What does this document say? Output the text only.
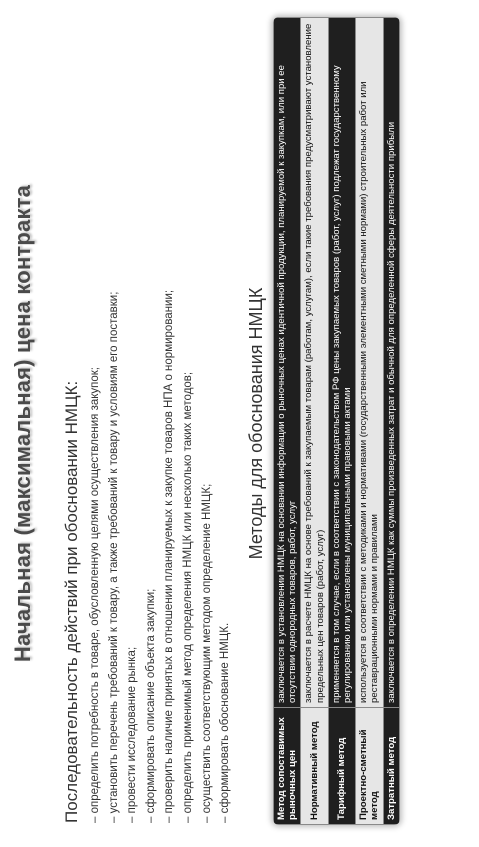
Начальная (максимальная) цена контракта Последовательность действий при обосновании НМЦК: – определить потребность в товаре, обусловленную целями осуществления закупок; – установить перечень требований к товару, а также требований к товару и условиям его поставки; – провести исследование рынка; – сформировать описание объекта закупки; – проверить наличие принятых в отношении планируемых к закупке товаров НПА о нормировании; – определить применимый метод определения НМЦК или несколько таких методов; – осуществить соответствующим методом определение НМЦК; – сформировать обоснование НМЦК.
Методы для обоснования НМЦК
Метод сопоставимых рыночных цен	заключается в установлении НМЦК на основании информации о рыночных ценах идентичной продукции, планируемой к закупкам, или при ее отсутствии однородных товаров, работ, услуг
Нормативный метод	заключается в расчете НМЦК на основе требований к закупаемым товарам (работам, услугам), если такие требования предусматривают установление предельных цен товаров (работ, услуг)
Тарифный метод	применяется в том случае, если в соответствии с законодательством РФ цены закупаемых товаров (работ, услуг) подлежат государственному регулированию или установлены муниципальными правовыми актами
Проектно-сметный метод	используется в соответствии с методиками и нормативами (государственными элементными сметными нормами) строительных работ или реставрационными нормами и правилами
Затратный метод	заключается в определении НМЦК как суммы произведенных затрат и обычной для определенной сферы деятельности прибыли
